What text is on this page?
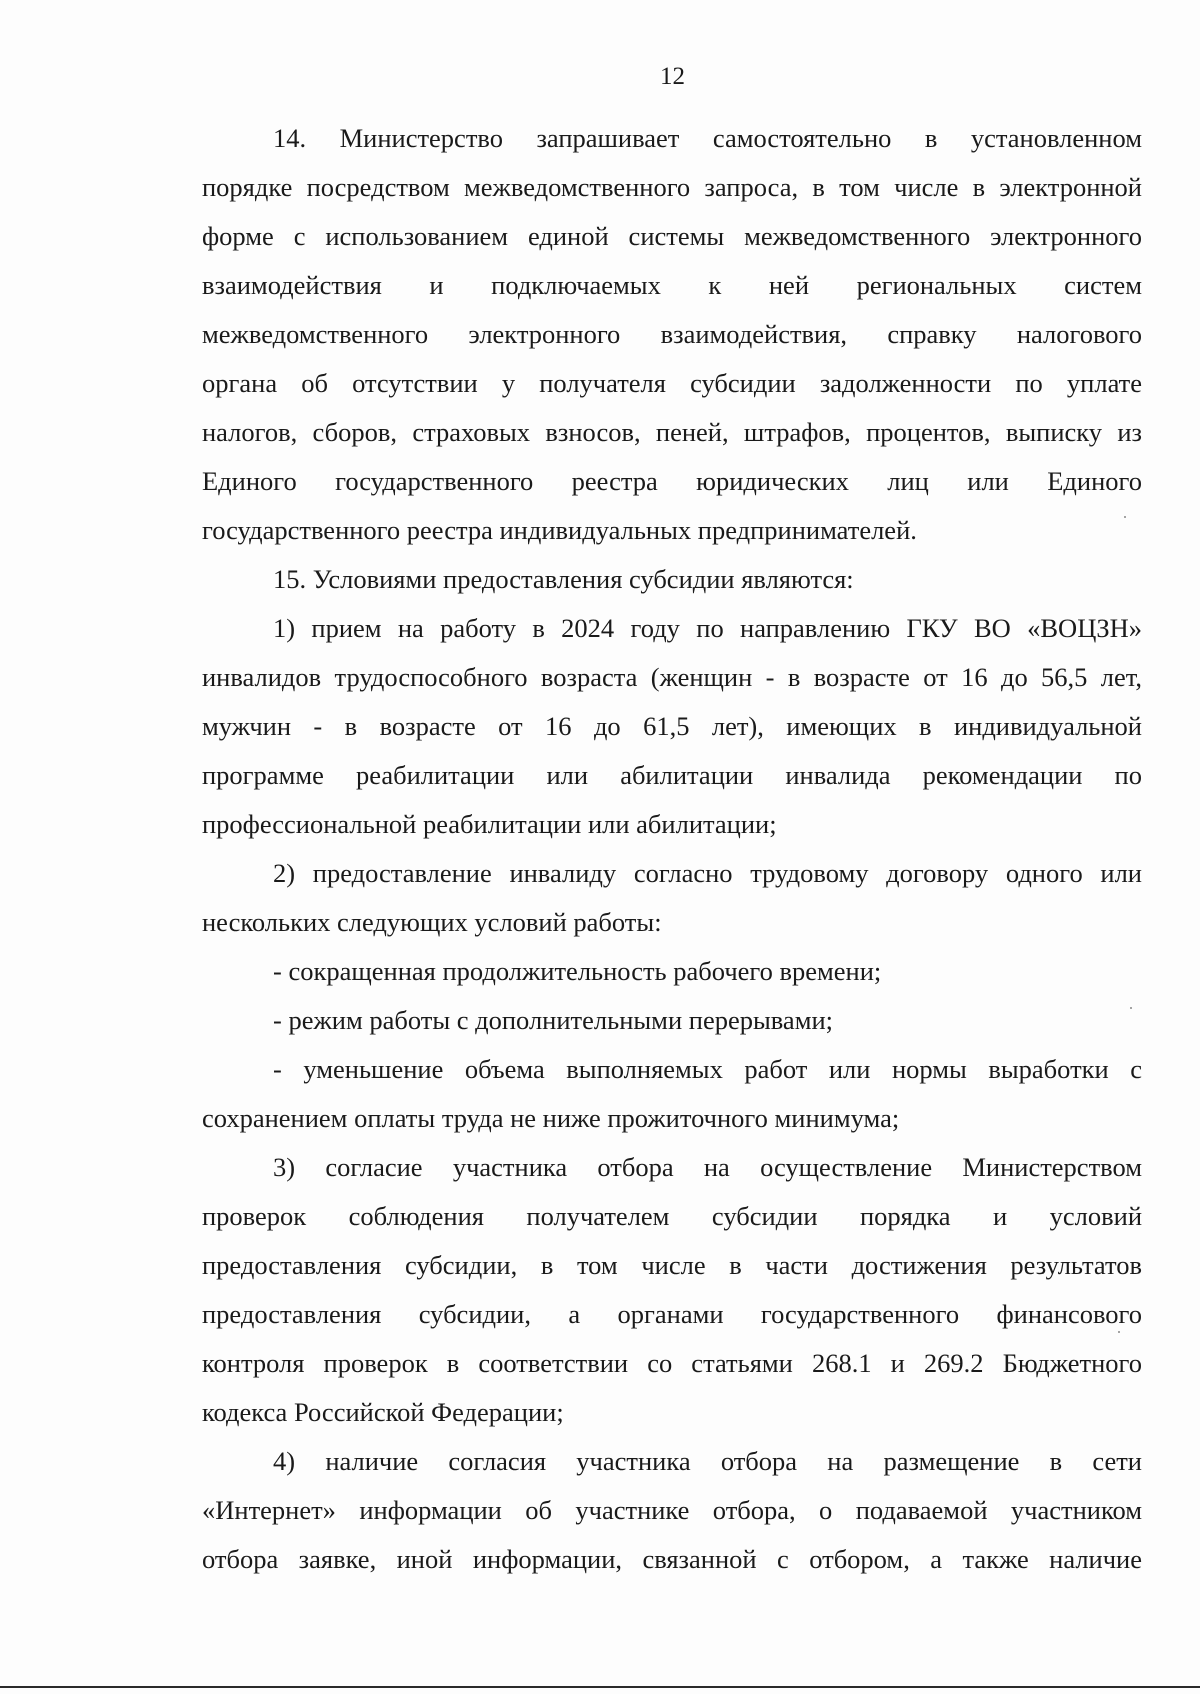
12
14. Министерство запрашивает самостоятельно в установленном
порядке посредством межведомственного запроса, в том числе в электронной
форме с использованием единой системы межведомственного электронного
взаимодействия и подключаемых к ней региональных систем
межведомственного электронного взаимодействия, справку налогового
органа об отсутствии у получателя субсидии задолженности по уплате
налогов, сборов, страховых взносов, пеней, штрафов, процентов, выписку из
Единого государственного реестра юридических лиц или Единого
государственного реестра индивидуальных предпринимателей.
15. Условиями предоставления субсидии являются:
1) прием на работу в 2024 году по направлению ГКУ ВО «ВОЦЗН»
инвалидов трудоспособного возраста (женщин - в возрасте от 16 до 56,5 лет,
мужчин - в возрасте от 16 до 61,5 лет), имеющих в индивидуальной
программе реабилитации или абилитации инвалида рекомендации по
профессиональной реабилитации или абилитации;
2) предоставление инвалиду согласно трудовому договору одного или
нескольких следующих условий работы:
- сокращенная продолжительность рабочего времени;
- режим работы с дополнительными перерывами;
- уменьшение объема выполняемых работ или нормы выработки с
сохранением оплаты труда не ниже прожиточного минимума;
3) согласие участника отбора на осуществление Министерством
проверок соблюдения получателем субсидии порядка и условий
предоставления субсидии, в том числе в части достижения результатов
предоставления субсидии, а органами государственного финансового
контроля проверок в соответствии со статьями 268.1 и 269.2 Бюджетного
кодекса Российской Федерации;
4) наличие согласия участника отбора на размещение в сети
«Интернет» информации об участнике отбора, о подаваемой участником
отбора заявке, иной информации, связанной с отбором, а также наличие
